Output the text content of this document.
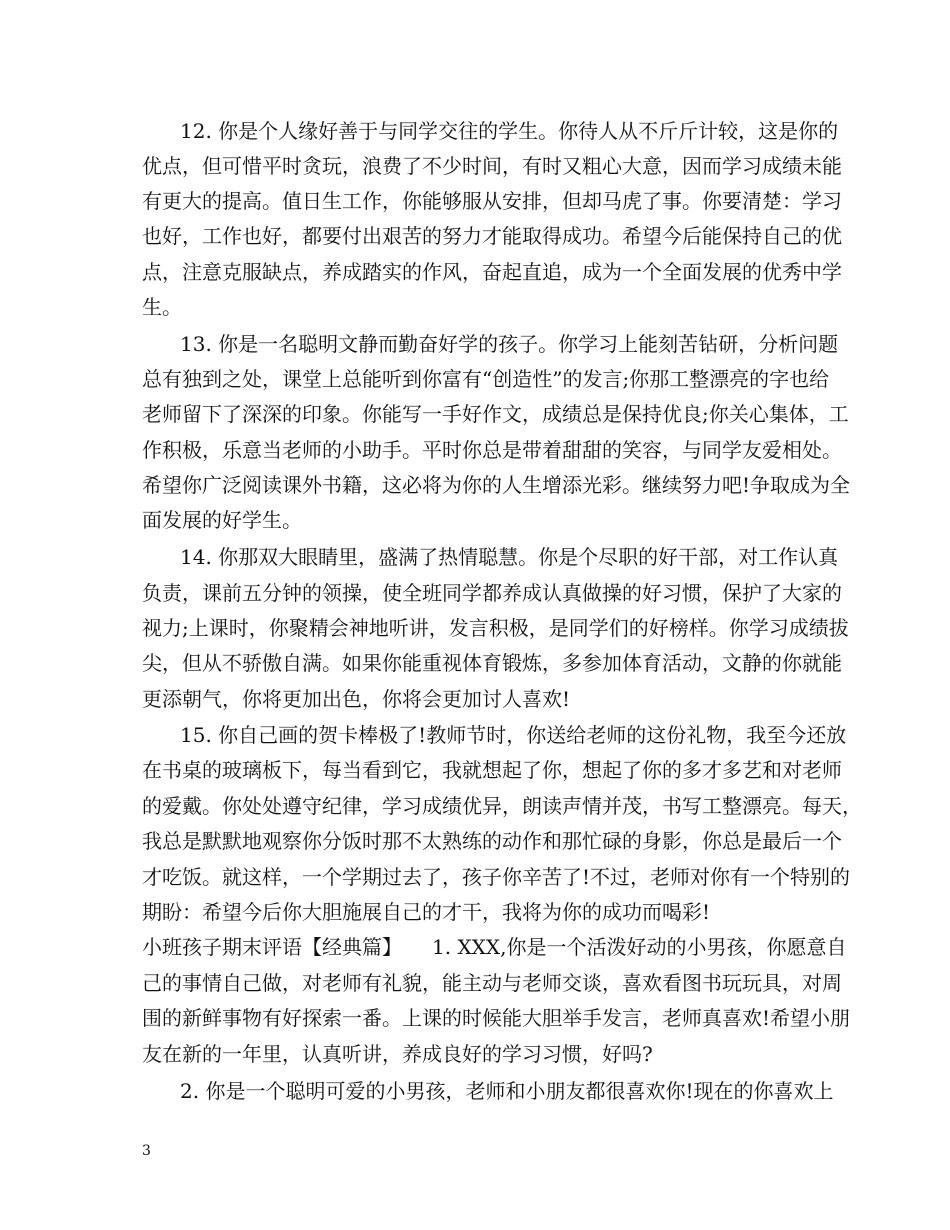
12. 你是个人缘好善于与同学交往的学生。你待人从不斤斤计较，这是你的
优点，但可惜平时贪玩，浪费了不少时间，有时又粗心大意，因而学习成绩未能
有更大的提高。值日生工作，你能够服从安排，但却马虎了事。你要清楚：学习
也好，工作也好，都要付出艰苦的努力才能取得成功。希望今后能保持自己的优
点，注意克服缺点，养成踏实的作风，奋起直追，成为一个全面发展的优秀中学
生。
13. 你是一名聪明文静而勤奋好学的孩子。你学习上能刻苦钻研，分析问题
总有独到之处，课堂上总能听到你富有“创造性”的发言;你那工整漂亮的字也给
老师留下了深深的印象。你能写一手好作文，成绩总是保持优良;你关心集体，工
作积极，乐意当老师的小助手。平时你总是带着甜甜的笑容，与同学友爱相处。
希望你广泛阅读课外书籍，这必将为你的人生增添光彩。继续努力吧!争取成为全
面发展的好学生。
14. 你那双大眼睛里，盛满了热情聪慧。你是个尽职的好干部，对工作认真
负责，课前五分钟的领操，使全班同学都养成认真做操的好习惯，保护了大家的
视力;上课时，你聚精会神地听讲，发言积极，是同学们的好榜样。你学习成绩拔
尖，但从不骄傲自满。如果你能重视体育锻炼，多参加体育活动，文静的你就能
更添朝气，你将更加出色，你将会更加讨人喜欢!
15. 你自己画的贺卡棒极了!教师节时，你送给老师的这份礼物，我至今还放
在书桌的玻璃板下，每当看到它，我就想起了你，想起了你的多才多艺和对老师
的爱戴。你处处遵守纪律，学习成绩优异，朗读声情并茂，书写工整漂亮。每天，
我总是默默地观察你分饭时那不太熟练的动作和那忙碌的身影，你总是最后一个
才吃饭。就这样，一个学期过去了，孩子你辛苦了!不过，老师对你有一个特别的
期盼：希望今后你大胆施展自己的才干，我将为你的成功而喝彩!
小班孩子期末评语【经典篇】　　1. XXX,你是一个活泼好动的小男孩，你愿意自
己的事情自己做，对老师有礼貌，能主动与老师交谈，喜欢看图书玩玩具，对周
围的新鲜事物有好探索一番。上课的时候能大胆举手发言，老师真喜欢!希望小朋
友在新的一年里，认真听讲，养成良好的学习习惯，好吗?
2. 你是一个聪明可爱的小男孩，老师和小朋友都很喜欢你!现在的你喜欢上
3
